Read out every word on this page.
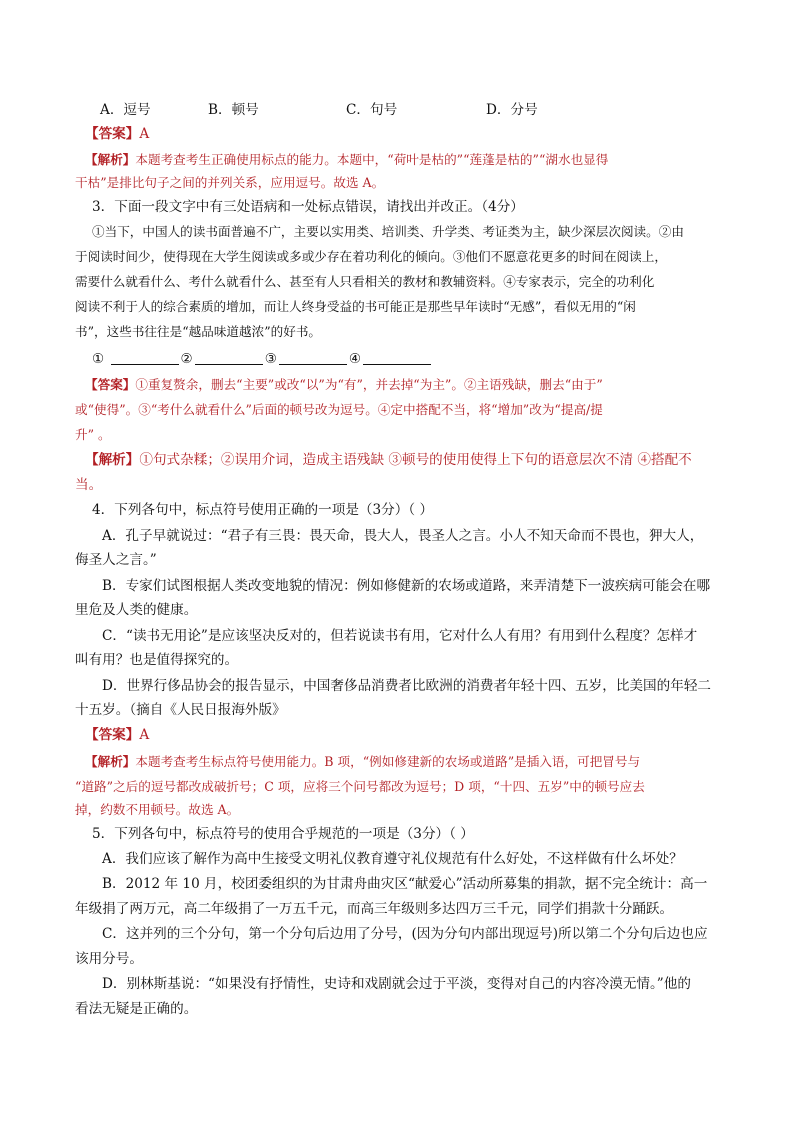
A．逗号	B．顿号	C．句号	D．分号
【答案】A
【解析】本题考查考生正确使用标点的能力。本题中，“荷叶是枯的”“莲蓬是枯的”“湖水也显得
干枯”是排比句子之间的并列关系，应用逗号。故选 A。
3．下面一段文字中有三处语病和一处标点错误，请找出并改正。（4分）
①当下，中国人的读书面普遍不广，主要以实用类、培训类、升学类、考证类为主，缺少深层次阅读。②由
于阅读时间少，使得现在大学生阅读或多或少存在着功利化的倾向。③他们不愿意花更多的时间在阅读上，
需要什么就看什么、考什么就看什么、甚至有人只看相关的教材和教辅资料。④专家表示，完全的功利化
阅读不利于人的综合素质的增加，而让人终身受益的书可能正是那些早年读时“无感”，看似无用的“闲
书”，这些书往往是“越品味道越浓”的好书。
①	②	③	④
【答案】①重复赘余，删去“主要”或改“以”为“有”，并去掉“为主”。②主语残缺，删去“由于”
或“使得”。③“考什么就看什么”后面的顿号改为逗号。④定中搭配不当，将“增加”改为“提高/提
升” 。
【解析】①句式杂糅；②误用介词，造成主语残缺 ③顿号的使用使得上下句的语意层次不清 ④搭配不
当。
4．下列各句中，标点符号使用正确的一项是（3分）（ ）
A．孔子早就说过：“君子有三畏：畏天命，畏大人，畏圣人之言。小人不知天命而不畏也，狎大人，
侮圣人之言。”
B．专家们试图根据人类改变地貌的情况：例如修健新的农场或道路，来弄清楚下一波疾病可能会在哪
里危及人类的健康。
C．“读书无用论”是应该坚决反对的，但若说读书有用，它对什么人有用？有用到什么程度？怎样才
叫有用？也是值得探究的。
D．世界行侈品协会的报告显示，中国奢侈品消费者比欧洲的消费者年轻十四、五岁，比美国的年轻二
十五岁。（摘自《人民日报海外版》
【答案】A
【解析】本题考查考生标点符号使用能力。B 项，“例如修建新的农场或道路”是插入语，可把冒号与
“道路”之后的逗号都改成破折号；C 项，应将三个问号都改为逗号；D 项，“十四、五岁”中的顿号应去
掉，约数不用顿号。故选 A。
5．下列各句中，标点符号的使用合乎规范的一项是（3分）（ ）
A．我们应该了解作为高中生接受文明礼仪教育遵守礼仪规范有什么好处，不这样做有什么坏处？
B．2012 年 10 月，校团委组织的为甘肃舟曲灾区“献爱心”活动所募集的捐款，据不完全统计：高一
年级捐了两万元，高二年级捐了一万五千元，而高三年级则多达四万三千元，同学们捐款十分踊跃。
C．这并列的三个分句，第一个分句后边用了分号，(因为分句内部出现逗号)所以第二个分句后边也应
该用分号。
D．别林斯基说：“如果没有抒情性，史诗和戏剧就会过于平淡，变得对自己的内容冷漠无情。”他的
看法无疑是正确的。
